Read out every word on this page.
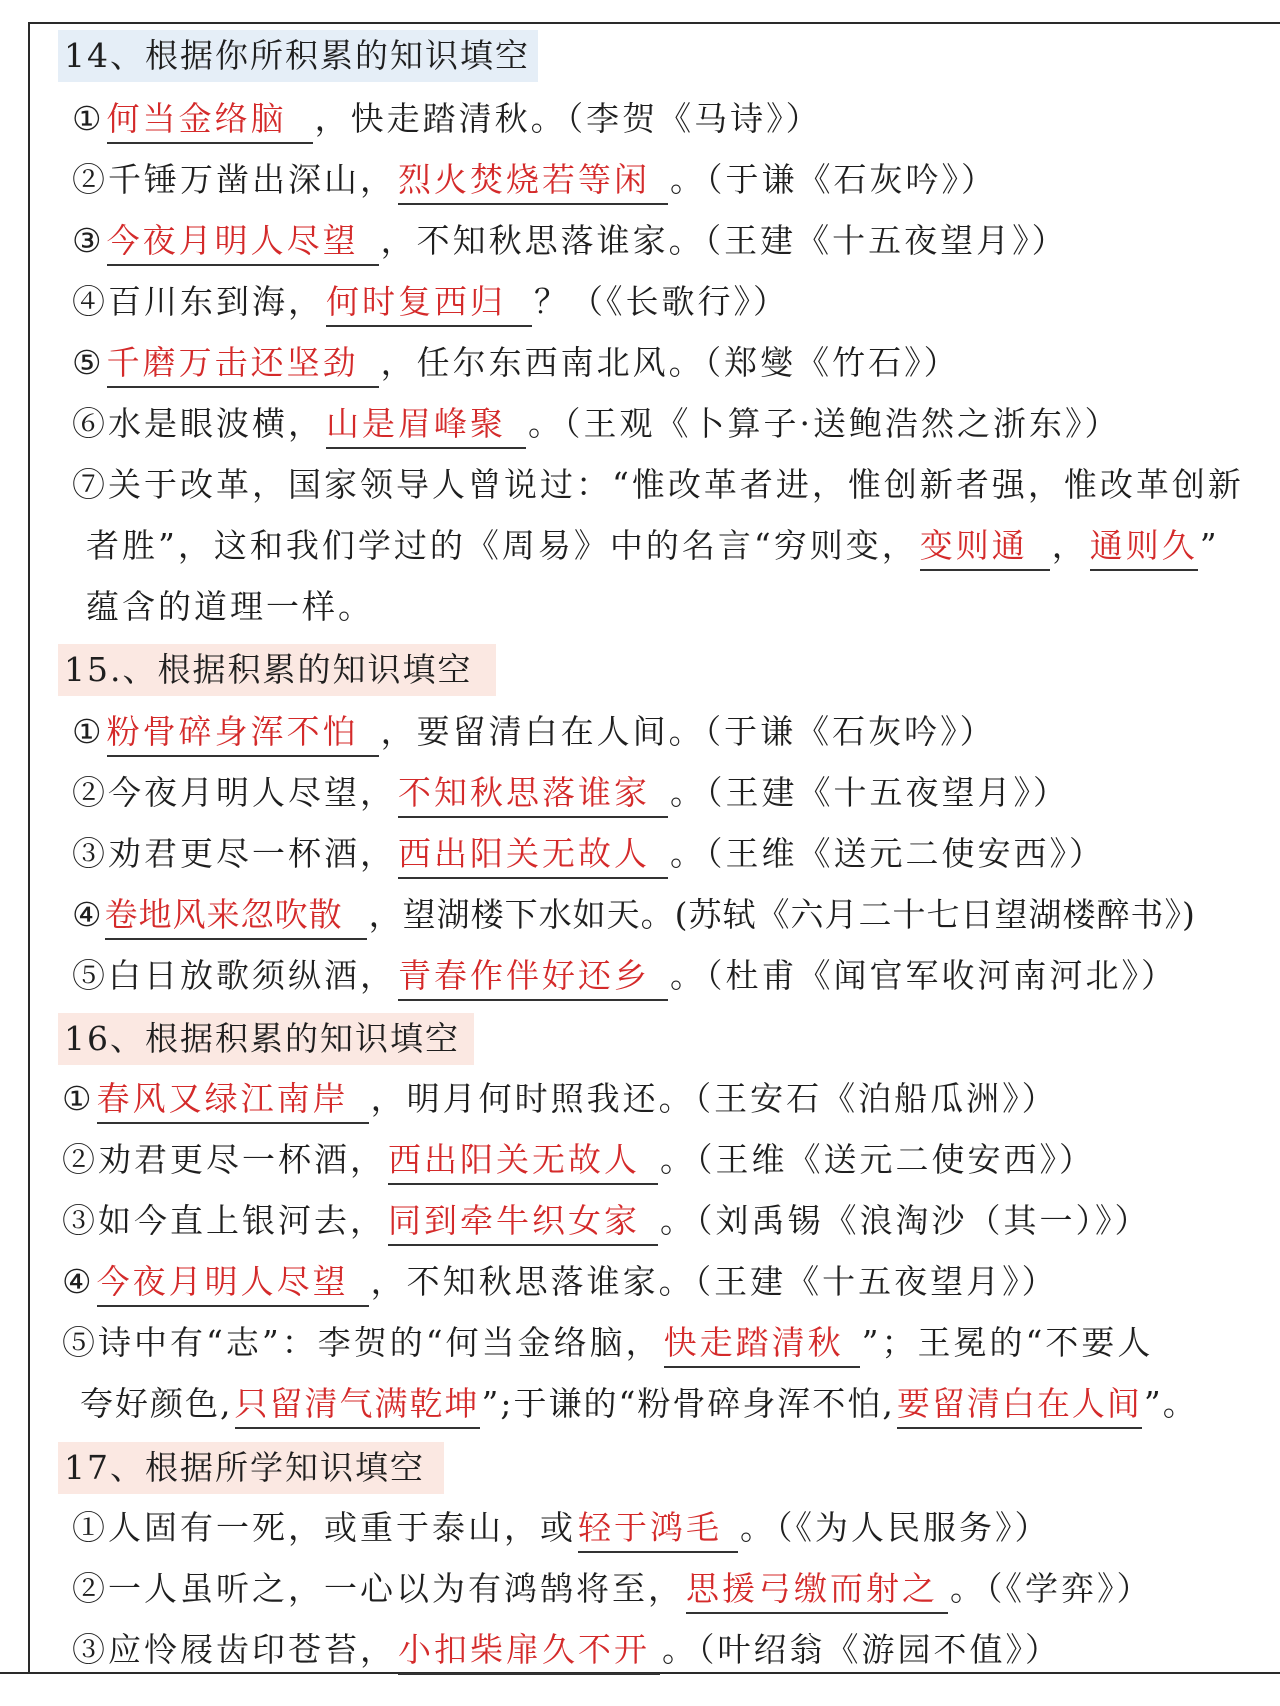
14、根据你所积累的知识填空
①何当金络脑 ，快走踏清秋。（李贺《马诗》）
②千锤万凿出深山，烈火焚烧若等闲 。（于谦《石灰吟》）
③今夜月明人尽望 ，不知秋思落谁家。（王建《十五夜望月》）
④百川东到海，何时复西归 ？（《长歌行》）
⑤千磨万击还坚劲 ，任尔东西南北风。（郑燮《竹石》）
⑥水是眼波横，山是眉峰聚 。（王观《卜算子·送鲍浩然之浙东》）
⑦关于改革，国家领导人曾说过：“惟改革者进，惟创新者强，惟改革创新
者胜”，这和我们学过的《周易》中的名言“穷则变，变则通 ，通则久”
蕴含的道理一样。
15.、根据积累的知识填空
①粉骨碎身浑不怕 ，要留清白在人间。（于谦《石灰吟》）
②今夜月明人尽望，不知秋思落谁家 。（王建《十五夜望月》）
③劝君更尽一杯酒，西出阳关无故人 。（王维《送元二使安西》）
④卷地风来忽吹散 ，望湖楼下水如天。(苏轼《六月二十七日望湖楼醉书》)
⑤白日放歌须纵酒，青春作伴好还乡 。（杜甫《闻官军收河南河北》）
16、根据积累的知识填空
①春风又绿江南岸 ，明月何时照我还。（王安石《泊船瓜洲》）
②劝君更尽一杯酒，西出阳关无故人 。（王维《送元二使安西》）
③如今直上银河去，同到牵牛织女家 。（刘禹锡《浪淘沙（其一）》）
④今夜月明人尽望 ，不知秋思落谁家。（王建《十五夜望月》）
⑤诗中有“志”：李贺的“何当金络脑，快走踏清秋 ”；王冕的“不要人
夸好颜色,只留清气满乾坤”;于谦的“粉骨碎身浑不怕,要留清白在人间”。
17、根据所学知识填空
①人固有一死，或重于泰山，或轻于鸿毛 。（《为人民服务》）
②一人虽听之，一心以为有鸿鹄将至，思援弓缴而射之 。（《学弈》）
③应怜屐齿印苍苔，小扣柴扉久不开 。（叶绍翁《游园不值》）
